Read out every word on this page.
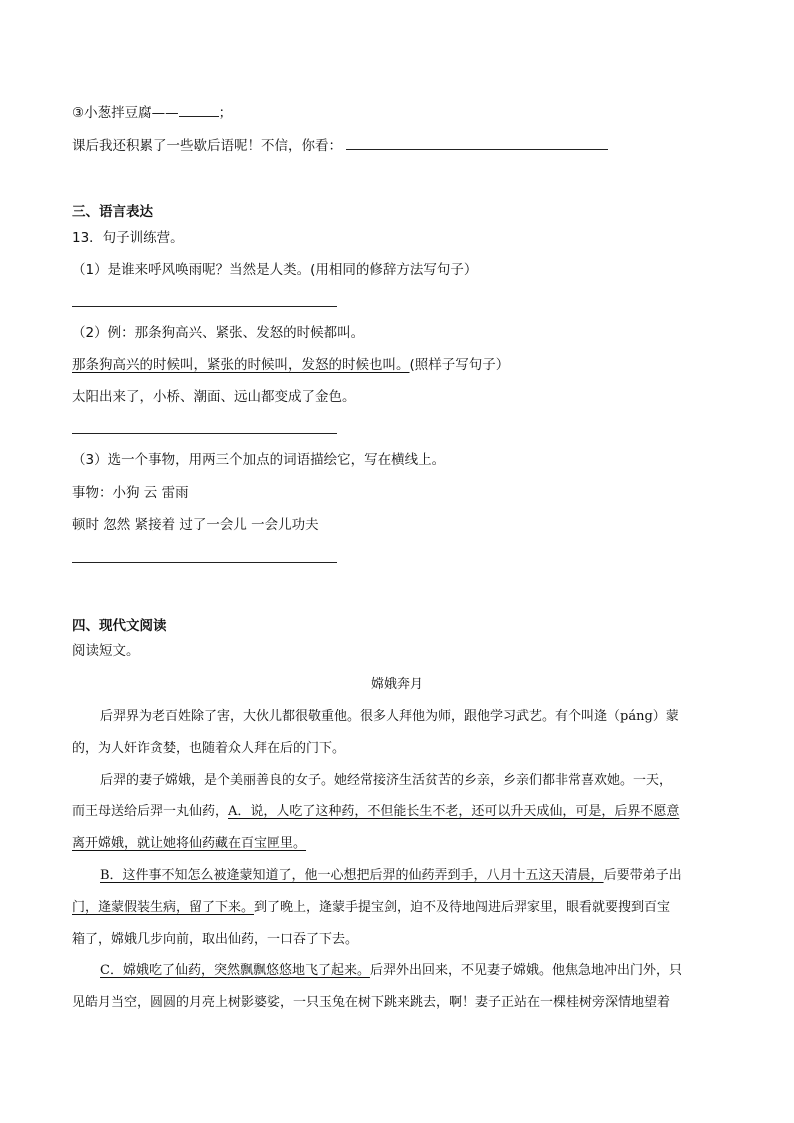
③小葱拌豆腐——	；
课后我还积累了一些歇后语呢！不信，你看：
三、语言表达
13．句子训练营。
（1）是谁来呼风唤雨呢？当然是人类。(用相同的修辞方法写句子）
（2）例：那条狗高兴、紧张、发怒的时候都叫。
那条狗高兴的时候叫，紧张的时候叫，发怒的时候也叫。(照样子写句子）
太阳出来了，小桥、潮面、远山都变成了金色。
（3）选一个事物，用两三个加点的词语描绘它，写在横线上。
事物：小狗 云 雷雨
顿时 忽然 紧接着 过了一会儿 一会儿功夫
四、现代文阅读
阅读短文。
嫦娥奔月
后羿界为老百姓除了害，大伙儿都很敬重他。很多人拜他为师，跟他学习武艺。有个叫逄（páng）蒙
的，为人奸诈贪婪，也随着众人拜在后的门下。
后羿的妻子嫦娥，是个美丽善良的女子。她经常接济生活贫苦的乡亲，乡亲们都非常喜欢她。一天，
而王母送给后羿一丸仙药，A．说，人吃了这种药，不但能长生不老，还可以升天成仙，可是，后界不愿意
离开嫦娥，就让她将仙药藏在百宝匣里。
B．这件事不知怎么被逄蒙知道了，他一心想把后羿的仙药弄到手，八月十五这天清晨，后要带弟子出
门，逄蒙假装生病，留了下来。到了晚上，逄蒙手提宝剑，迫不及待地闯进后羿家里，眼看就要搜到百宝
箱了，嫦娥几步向前，取出仙药，一口吞了下去。
C．嫦娥吃了仙药，突然飘飘悠悠地飞了起来。后羿外出回来，不见妻子嫦娥。他焦急地冲出门外，只
见皓月当空，圆圆的月亮上树影婆娑，一只玉兔在树下跳来跳去，啊！妻子正站在一棵桂树旁深情地望着
